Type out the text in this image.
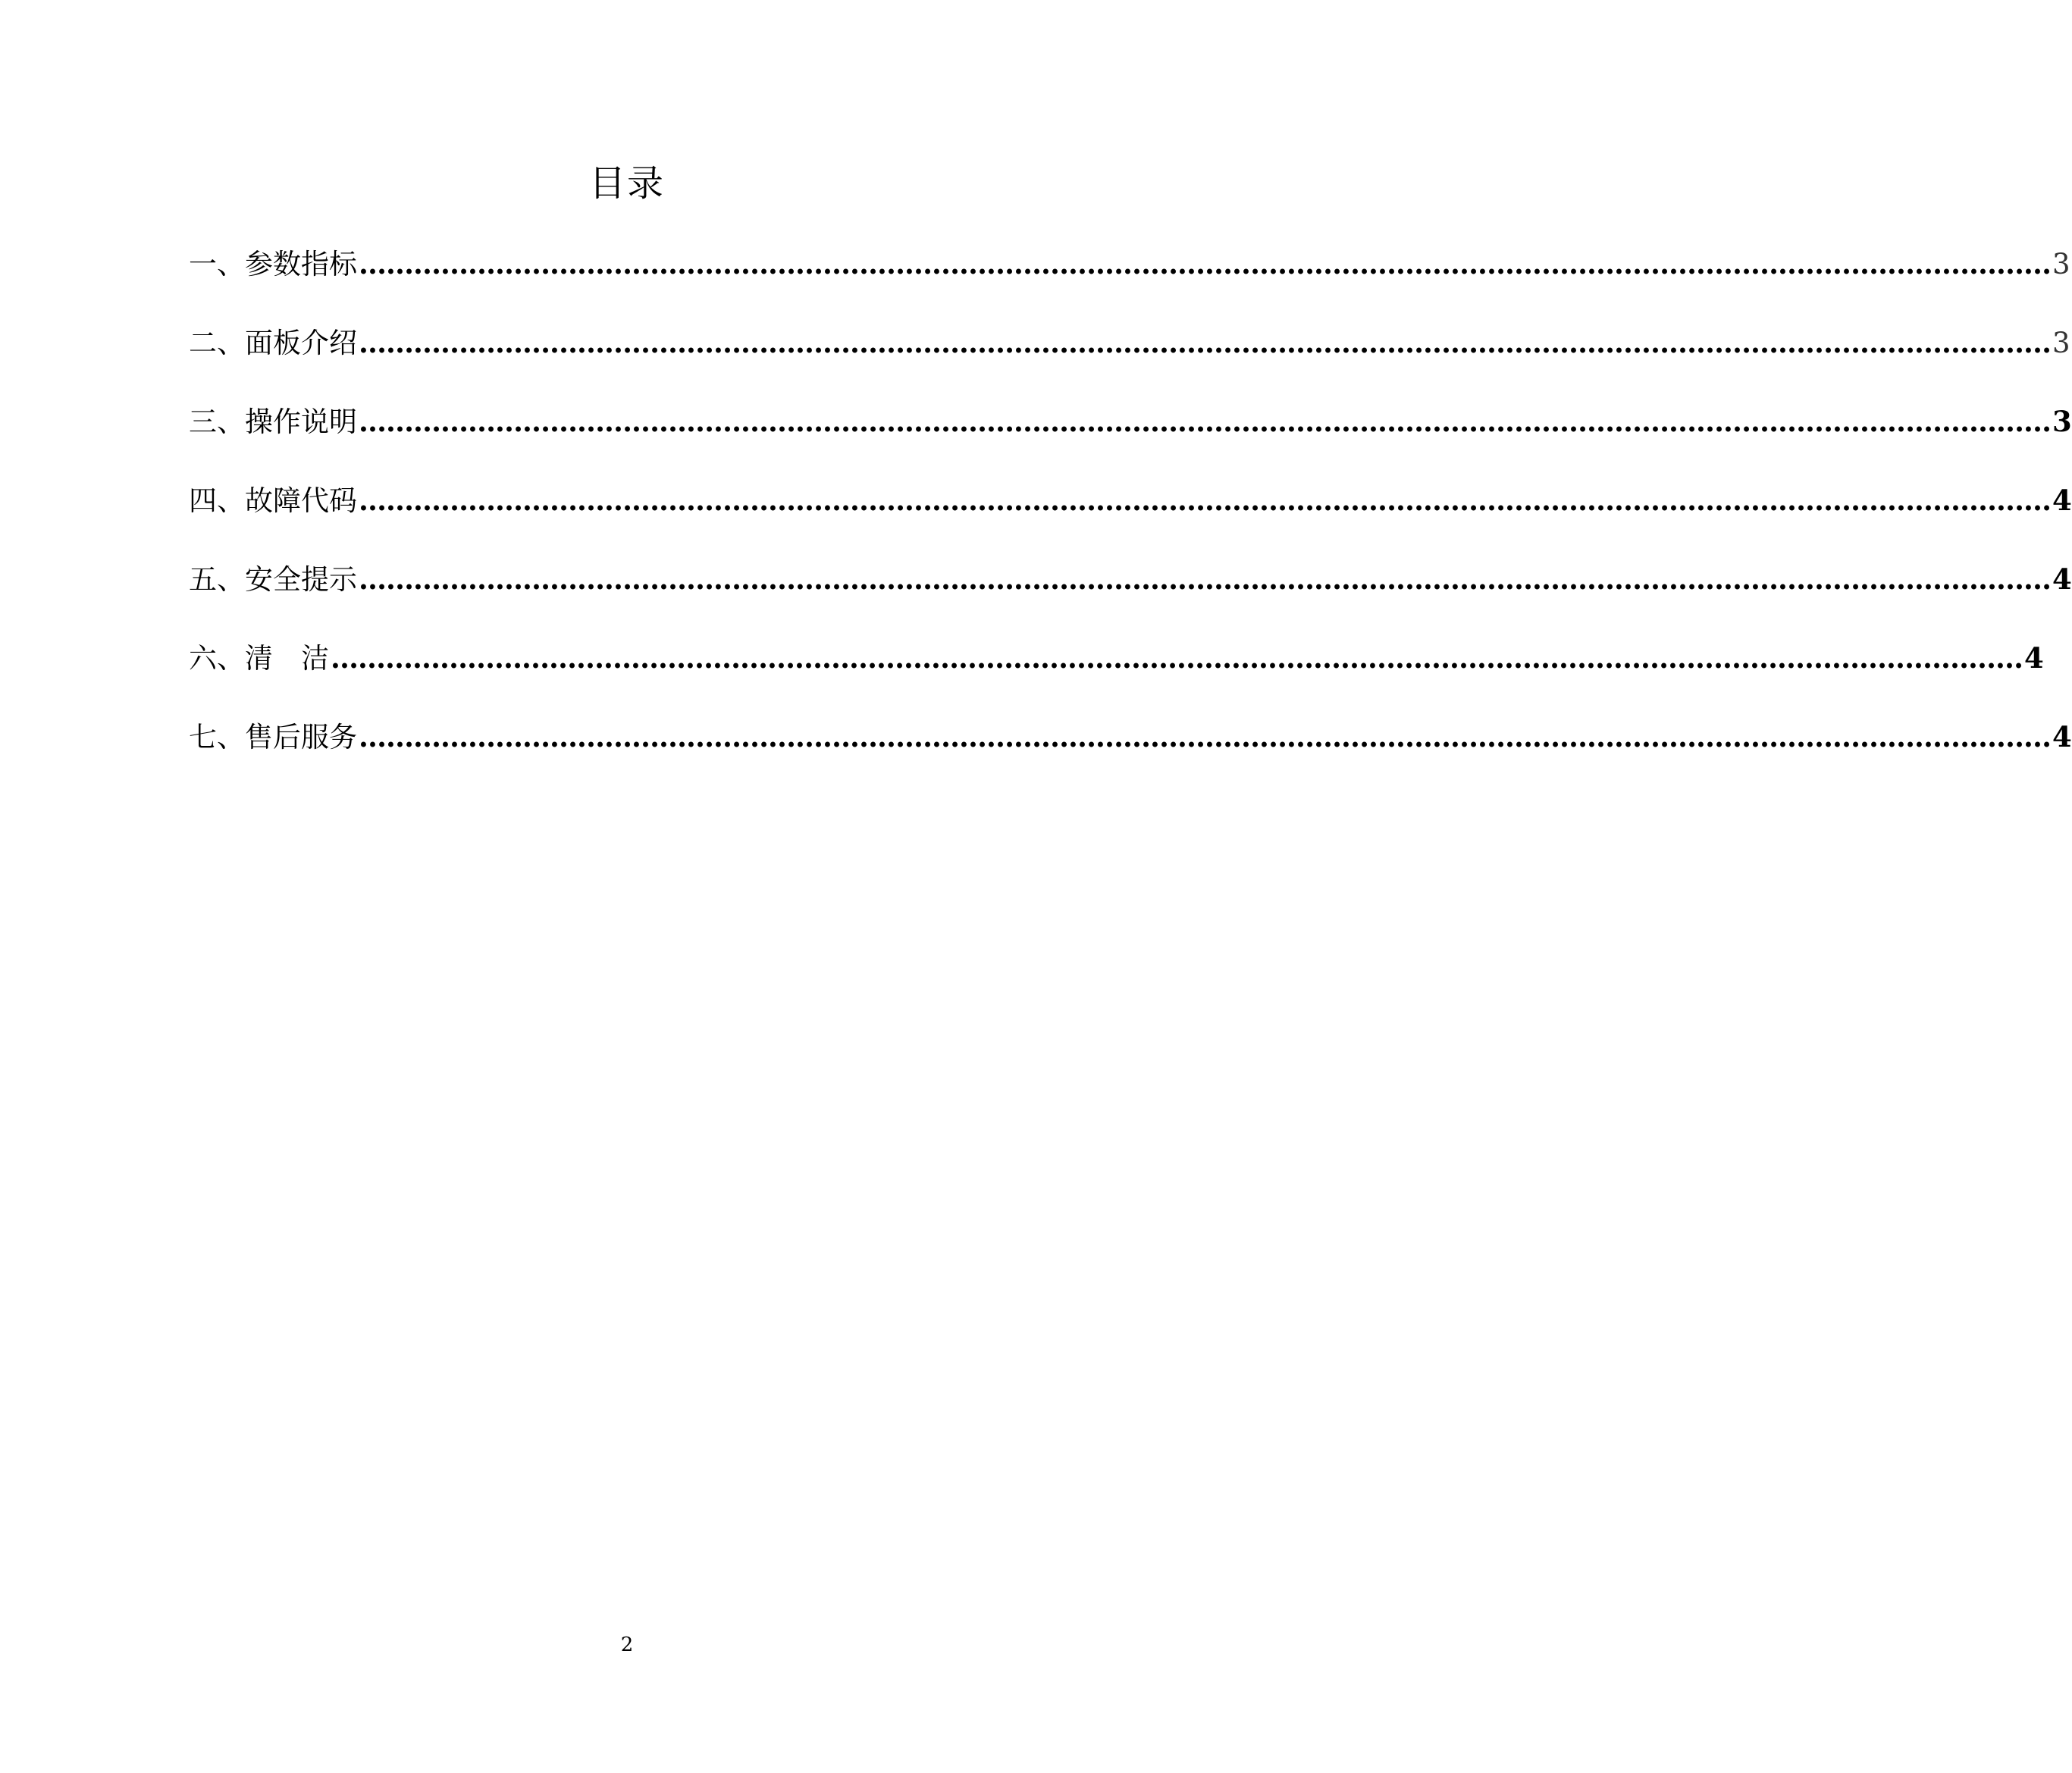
目录
一、参数指标 …………………………………………………………………………………………………………………………………………………………………… 3
二、面板介绍 …………………………………………………………………………………………………………………………………………………………………… 3
三、操作说明 …………………………………………………………………………………………………………………………………………………………………… 3
四、故障代码 …………………………………………………………………………………………………………………………………………………………………… 4
五、安全提示 …………………………………………………………………………………………………………………………………………………………………… 4
六、清　洁 …………………………………………………………………………………………………………………………………………………………………… 4
七、售后服务 …………………………………………………………………………………………………………………………………………………………………… 4
2
